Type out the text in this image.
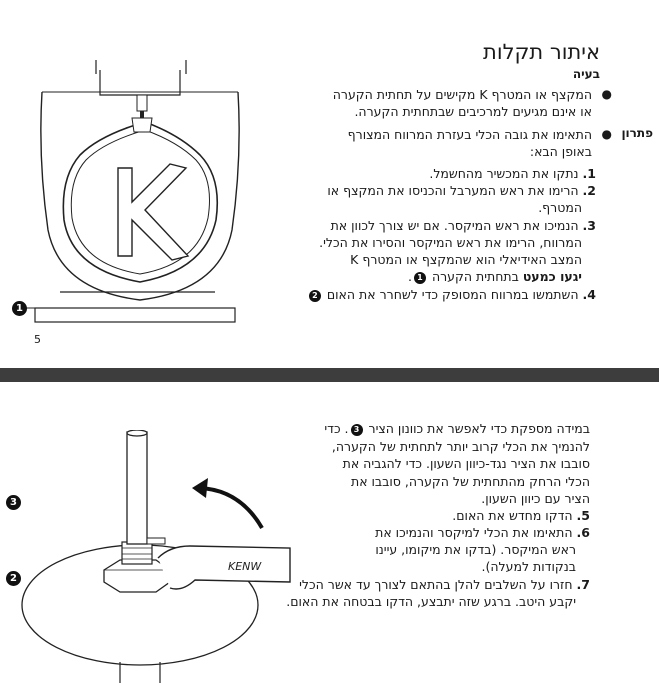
1
איתור תקלות
בעיה
פתרון
●
המקצף או המטרף K מקישים על תחתית הקערה
או אינם מגיעים למרכיבים שבתחתית הקערה.
●
התאימו את גובה הכלי בעזרת המרווח המצורף
באופן הבא:
1. נתקו את המכשיר מהחשמל.
2. הרימו את ראש המערבל והכניסו את המקצף או
המטרף.
3. הנמיכו את ראש המיקסר. אם יש צורך לכוון את
המרווח, הרימו את ראש המיקסר והסירו את הכלי.
המצב האידיאלי הוא שהמקצף או המטרף K
יגעו כמעט בתחתית הקערה 1.
4. השתמשו במרווח המסופק כדי לשחרר את האום 2
5
KENW
3
2
במידה מספקת כדי לאפשר את כוונון הציר 3. כדי
להנמיך את הכלי קרוב יותר לתחתית של הקערה,
סובבו את הציר נגד-כיוון השעון. כדי להגביה את
הכלי הרחק מהתחתית של הקערה, סובבו את
הציר עם כיוון השעון.
5. הדקו מחדש את האום.
6. התאימו את הכלי למיקסר והנמיכו את
ראש המיקסר. (בדקו את מיקומו, עיינו
בנקודות למעלה).
7. חזרו על השלבים להלן בהתאם לצורך עד אשר הכלי
יקבע היטב. ברגע שזה יתבצע, הדקו בבטחה את האום.
